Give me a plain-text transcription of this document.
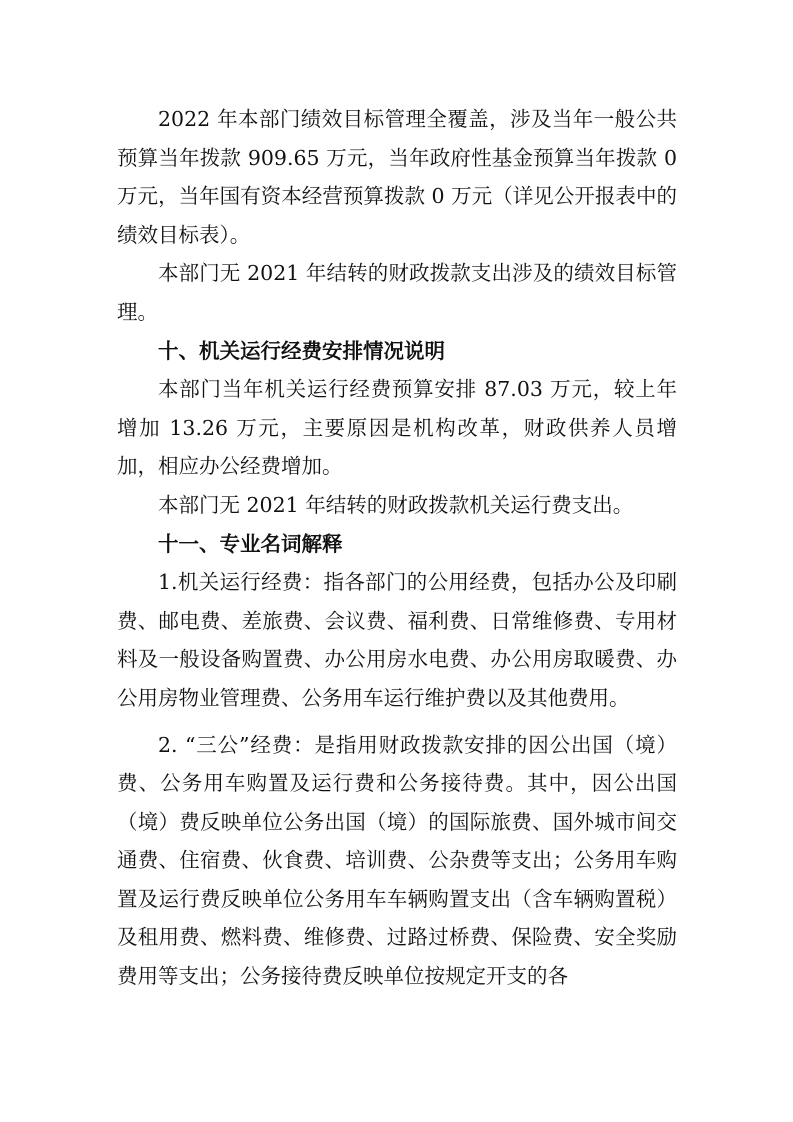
2022 年本部门绩效目标管理全覆盖，涉及当年一般公共预算当年拨款 909.65 万元，当年政府性基金预算当年拨款 0 万元，当年国有资本经营预算拨款 0 万元（详见公开报表中的绩效目标表）。

本部门无 2021 年结转的财政拨款支出涉及的绩效目标管理。

十、机关运行经费安排情况说明

本部门当年机关运行经费预算安排 87.03 万元，较上年增加 13.26 万元，主要原因是机构改革，财政供养人员增加，相应办公经费增加。

本部门无 2021 年结转的财政拨款机关运行费支出。

十一、专业名词解释

1.机关运行经费：指各部门的公用经费，包括办公及印刷费、邮电费、差旅费、会议费、福利费、日常维修费、专用材料及一般设备购置费、办公用房水电费、办公用房取暖费、办公用房物业管理费、公务用车运行维护费以及其他费用。

2. “三公”经费：是指用财政拨款安排的因公出国（境）费、公务用车购置及运行费和公务接待费。其中，因公出国（境）费反映单位公务出国（境）的国际旅费、国外城市间交通费、住宿费、伙食费、培训费、公杂费等支出；公务用车购置及运行费反映单位公务用车车辆购置支出（含车辆购置税）及租用费、燃料费、维修费、过路过桥费、保险费、安全奖励费用等支出；公务接待费反映单位按规定开支的各
